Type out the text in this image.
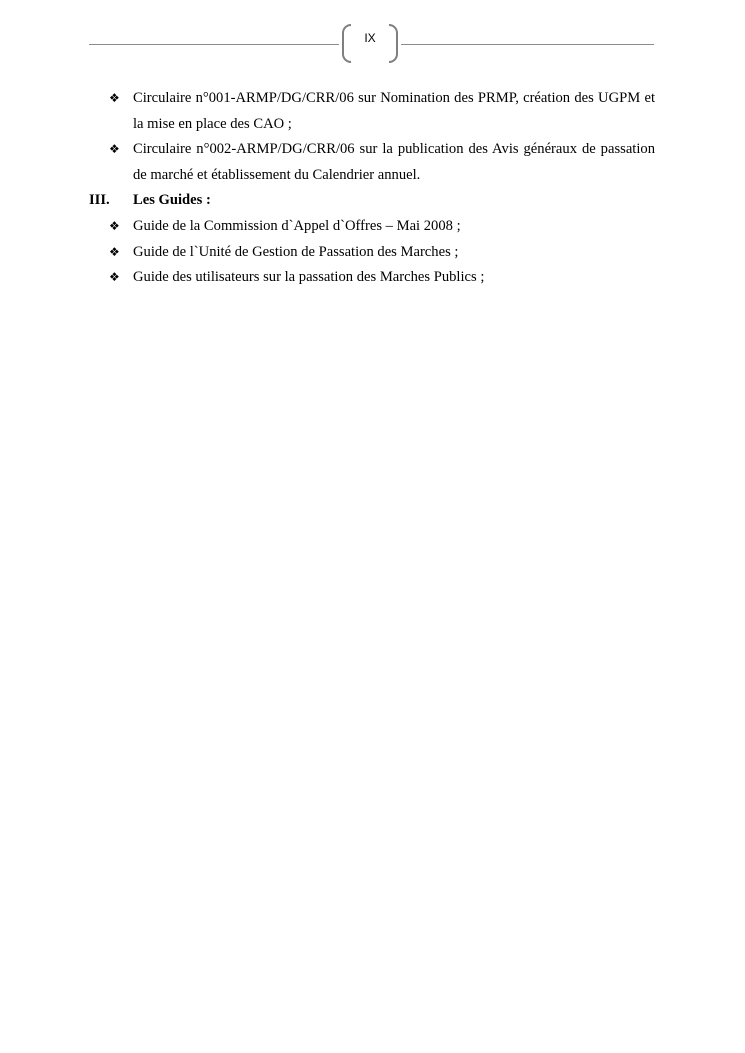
IX
❖ Circulaire n°001-ARMP/DG/CRR/06 sur Nomination des PRMP, création des UGPM et la mise en place des CAO ;
❖ Circulaire n°002-ARMP/DG/CRR/06 sur la publication des Avis généraux de passation de marché et établissement du Calendrier annuel.
III. Les Guides :
❖ Guide de la Commission d`Appel d`Offres – Mai 2008 ;
❖ Guide de l`Unité de Gestion de Passation des Marches ;
❖ Guide des utilisateurs sur la passation des Marches Publics ;
